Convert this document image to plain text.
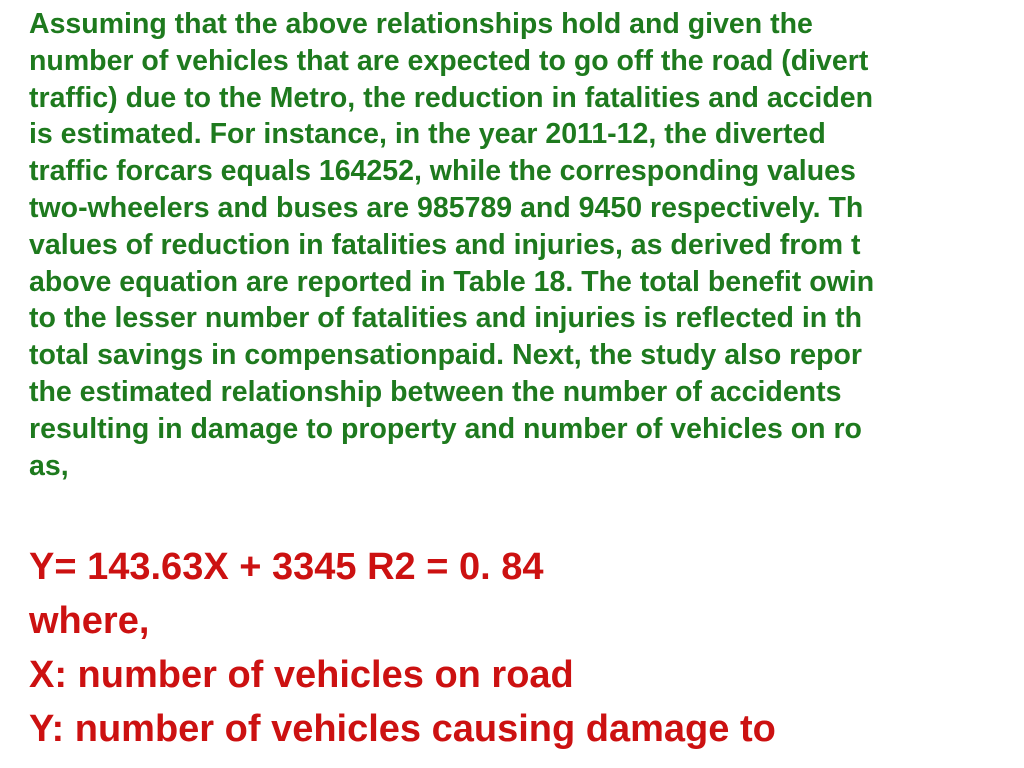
Assuming that the above relationships hold and given the
number of vehicles that are expected to go off the road (divert
traffic) due to the Metro, the reduction in fatalities and acciden
is estimated. For instance, in the year 2011-12, the diverted
traffic forcars equals 164252, while the corresponding values
two-wheelers and buses are 985789 and 9450 respectively. Th
values of reduction in fatalities and injuries, as derived from t
above equation are reported in Table 18. The total benefit owin
to the lesser number of fatalities and injuries is reflected in th
total savings in compensationpaid. Next, the study also repor
the estimated relationship between the number of accidents
resulting in damage to property and number of vehicles on ro
as,

Y= 143.63X + 3345 R2 = 0. 84
where,
X: number of vehicles on road
Y: number of vehicles causing damage to
